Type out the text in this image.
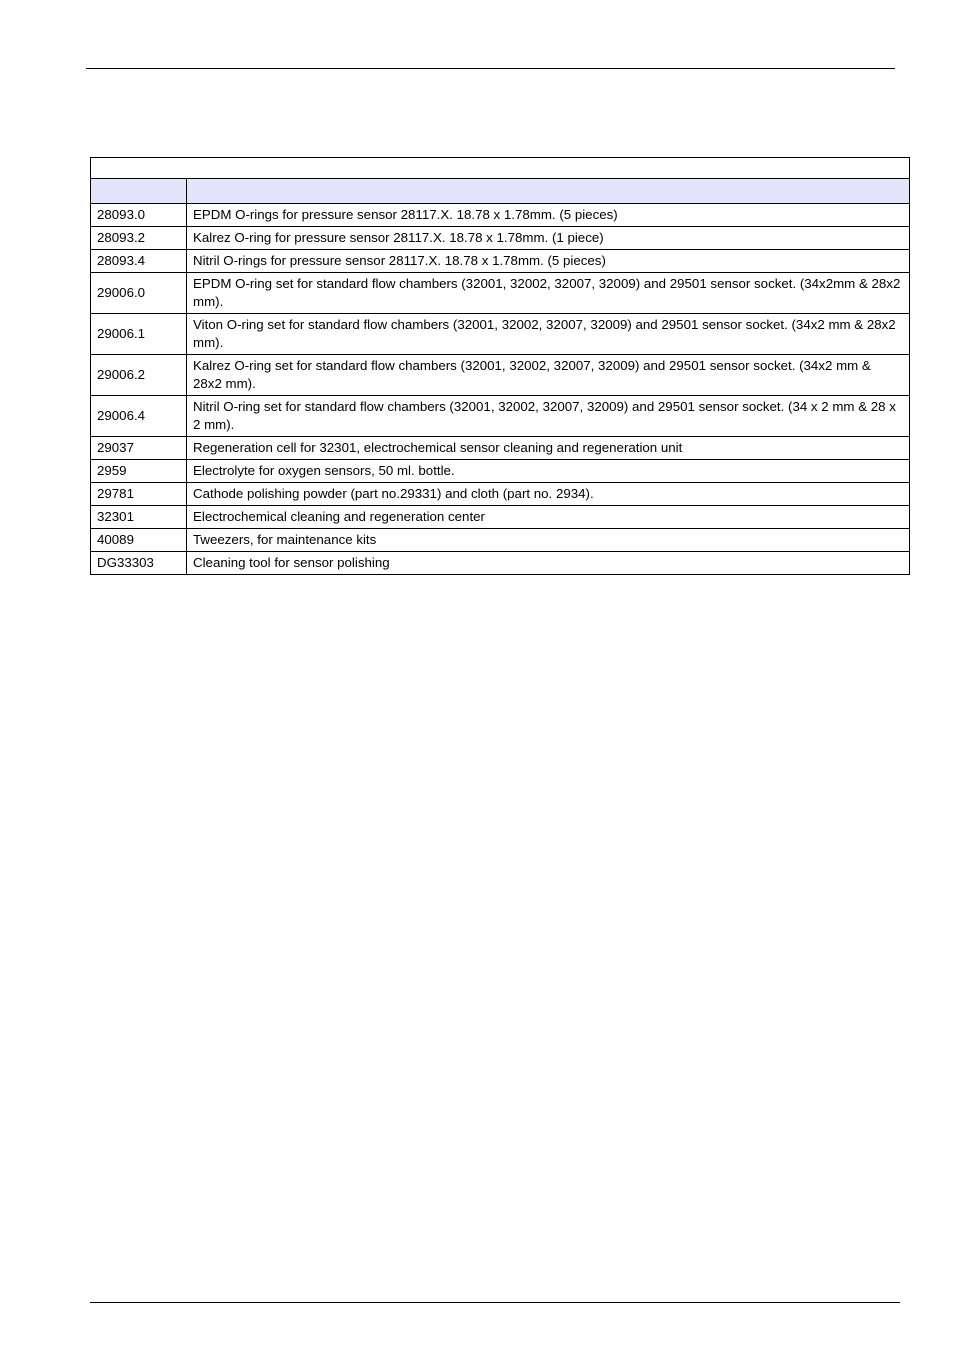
28093.0	EPDM O-rings for pressure sensor 28117.X. 18.78 x 1.78mm. (5 pieces)
28093.2	Kalrez O-ring for pressure sensor 28117.X. 18.78 x 1.78mm. (1 piece)
28093.4	Nitril O-rings for pressure sensor 28117.X. 18.78 x 1.78mm. (5 pieces)
29006.0	EPDM O-ring set for standard flow chambers (32001, 32002, 32007, 32009) and 29501 sensor socket. (34x2mm & 28x2 mm).
29006.1	Viton O-ring set for standard flow chambers (32001, 32002, 32007, 32009) and 29501 sensor socket. (34x2 mm & 28x2 mm).
29006.2	Kalrez O-ring set for standard flow chambers (32001, 32002, 32007, 32009) and 29501 sensor socket. (34x2 mm & 28x2 mm).
29006.4	Nitril O-ring set for standard flow chambers (32001, 32002, 32007, 32009) and 29501 sensor socket. (34 x 2 mm & 28 x 2 mm).
29037	Regeneration cell for 32301, electrochemical sensor cleaning and regeneration unit
2959	Electrolyte for oxygen sensors, 50 ml. bottle.
29781	Cathode polishing powder (part no.29331) and cloth (part no. 2934).
32301	Electrochemical cleaning and regeneration center
40089	Tweezers, for maintenance kits
DG33303	Cleaning tool for sensor polishing
